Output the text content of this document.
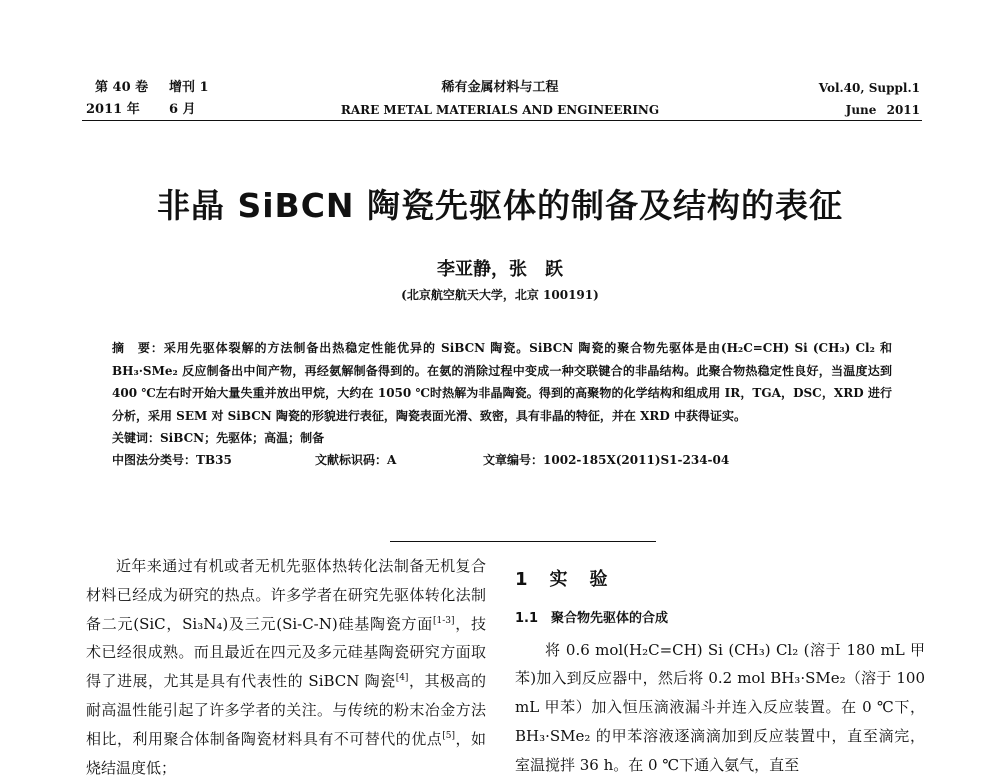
第 40 卷 增刊 1
2011 年 6 月
稀有金属材料与工程
RARE METAL MATERIALS AND ENGINEERING
Vol.40, Suppl.1
June 2011
非晶 SiBCN 陶瓷先驱体的制备及结构的表征
李亚静，张　跃
(北京航空航天大学，北京 100191)

摘　要：采用先驱体裂解的方法制备出热稳定性能优异的 SiBCN 陶瓷。SiBCN 陶瓷的聚合物先驱体是由(H₂C=CH) Si (CH₃) Cl₂ 和 BH₃·SMe₂ 反应制备出中间产物，再经氨解制备得到的。在氨的消除过程中变成一种交联键合的非晶结构。此聚合物热稳定性良好，当温度达到 400 ℃左右时开始大量失重并放出甲烷，大约在 1050 ℃时热解为非晶陶瓷。得到的高聚物的化学结构和组成用 IR，TGA，DSC，XRD 进行分析，采用 SEM 对 SiBCN 陶瓷的形貌进行表征，陶瓷表面光滑、致密，具有非晶的特征，并在 XRD 中获得证实。

关键词：SiBCN；先驱体；高温；制备
中图法分类号：TB35	文献标识码：A	文章编号：1002-185X(2011)S1-234-04

近年来通过有机或者无机先驱体热转化法制备无机复合材料已经成为研究的热点。许多学者在研究先驱体转化法制备二元(SiC，Si₃N₄)及三元(Si-C-N)硅基陶瓷方面[1-3]，技术已经很成熟。而且最近在四元及多元硅基陶瓷研究方面取得了进展，尤其是具有代表性的 SiBCN 陶瓷[4]，其极高的耐高温性能引起了许多学者的关注。与传统的粉末冶金方法相比，利用聚合体制备陶瓷材料具有不可替代的优点[5]，如烧结温度低；

1　实　验
1.1　聚合物先驱体的合成

将 0.6 mol(H₂C=CH) Si (CH₃) Cl₂ (溶于 180 mL 甲苯)加入到反应器中，然后将 0.2 mol BH₃·SMe₂（溶于 100 mL 甲苯）加入恒压滴液漏斗并连入反应装置。在 0 ℃下，BH₃·SMe₂ 的甲苯溶液逐滴滴加到反应装置中，直至滴完，室温搅拌 36 h。在 0 ℃下通入氨气，直至
